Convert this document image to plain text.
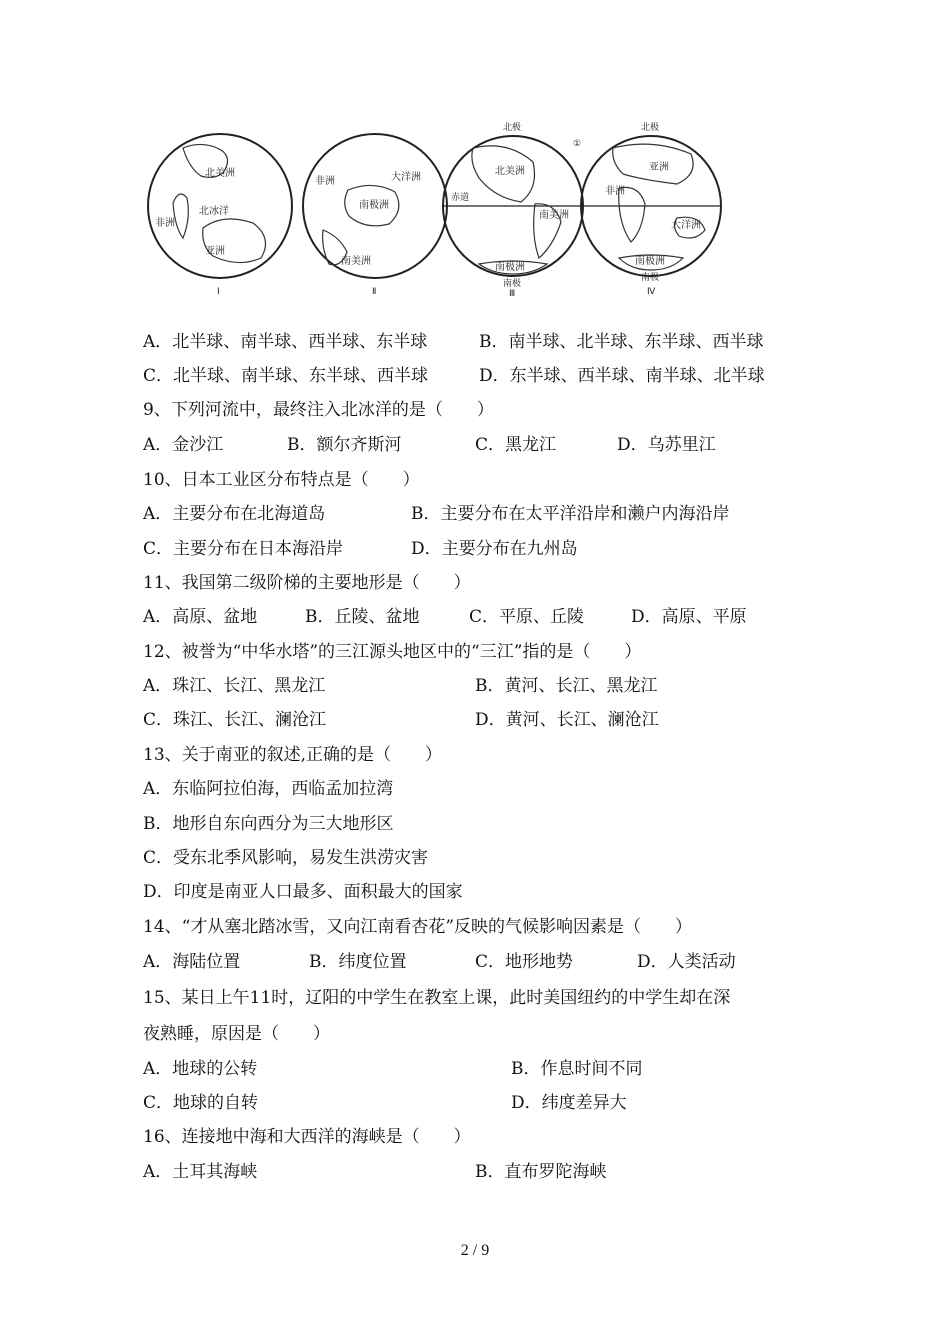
北美洲
非洲
北冰洋
亚洲
Ⅰ
大洋洲
南极洲
南美洲
非洲
Ⅱ
北极
赤道
北美洲
南美洲
南极洲
南极
Ⅲ
①
北极
亚洲
非洲
大洋洲
南极洲
南极
Ⅳ
A．北半球、南半球、西半球、东半球	B．南半球、北半球、东半球、西半球
C．北半球、南半球、东半球、西半球	D．东半球、西半球、南半球、北半球
9、下列河流中，最终注入北冰洋的是（　　）
A．金沙江	B．额尔齐斯河	C．黑龙江	D．乌苏里江
10、日本工业区分布特点是（　　）
A．主要分布在北海道岛	B．主要分布在太平洋沿岸和濑户内海沿岸
C．主要分布在日本海沿岸	D．主要分布在九州岛
11、我国第二级阶梯的主要地形是（　　）
A．高原、盆地	B．丘陵、盆地	C．平原、丘陵	D．高原、平原
12、被誉为“中华水塔”的三江源头地区中的“三江”指的是（　　）
A．珠江、长江、黑龙江	B．黄河、长江、黑龙江
C．珠江、长江、澜沧江	D．黄河、长江、澜沧江
13、关于南亚的叙述,正确的是（　　）
A．东临阿拉伯海，西临孟加拉湾
B．地形自东向西分为三大地形区
C．受东北季风影响，易发生洪涝灾害
D．印度是南亚人口最多、面积最大的国家
14、“才从塞北踏冰雪，又向江南看杏花”反映的气候影响因素是（　　）
A．海陆位置	B．纬度位置	C．地形地势	D．人类活动
15、某日上午11时，辽阳的中学生在教室上课，此时美国纽约的中学生却在深
夜熟睡，原因是（　　）
A．地球的公转	B．作息时间不同
C．地球的自转	D．纬度差异大
16、连接地中海和大西洋的海峡是（　　）
A．土耳其海峡	B．直布罗陀海峡
2 / 9
